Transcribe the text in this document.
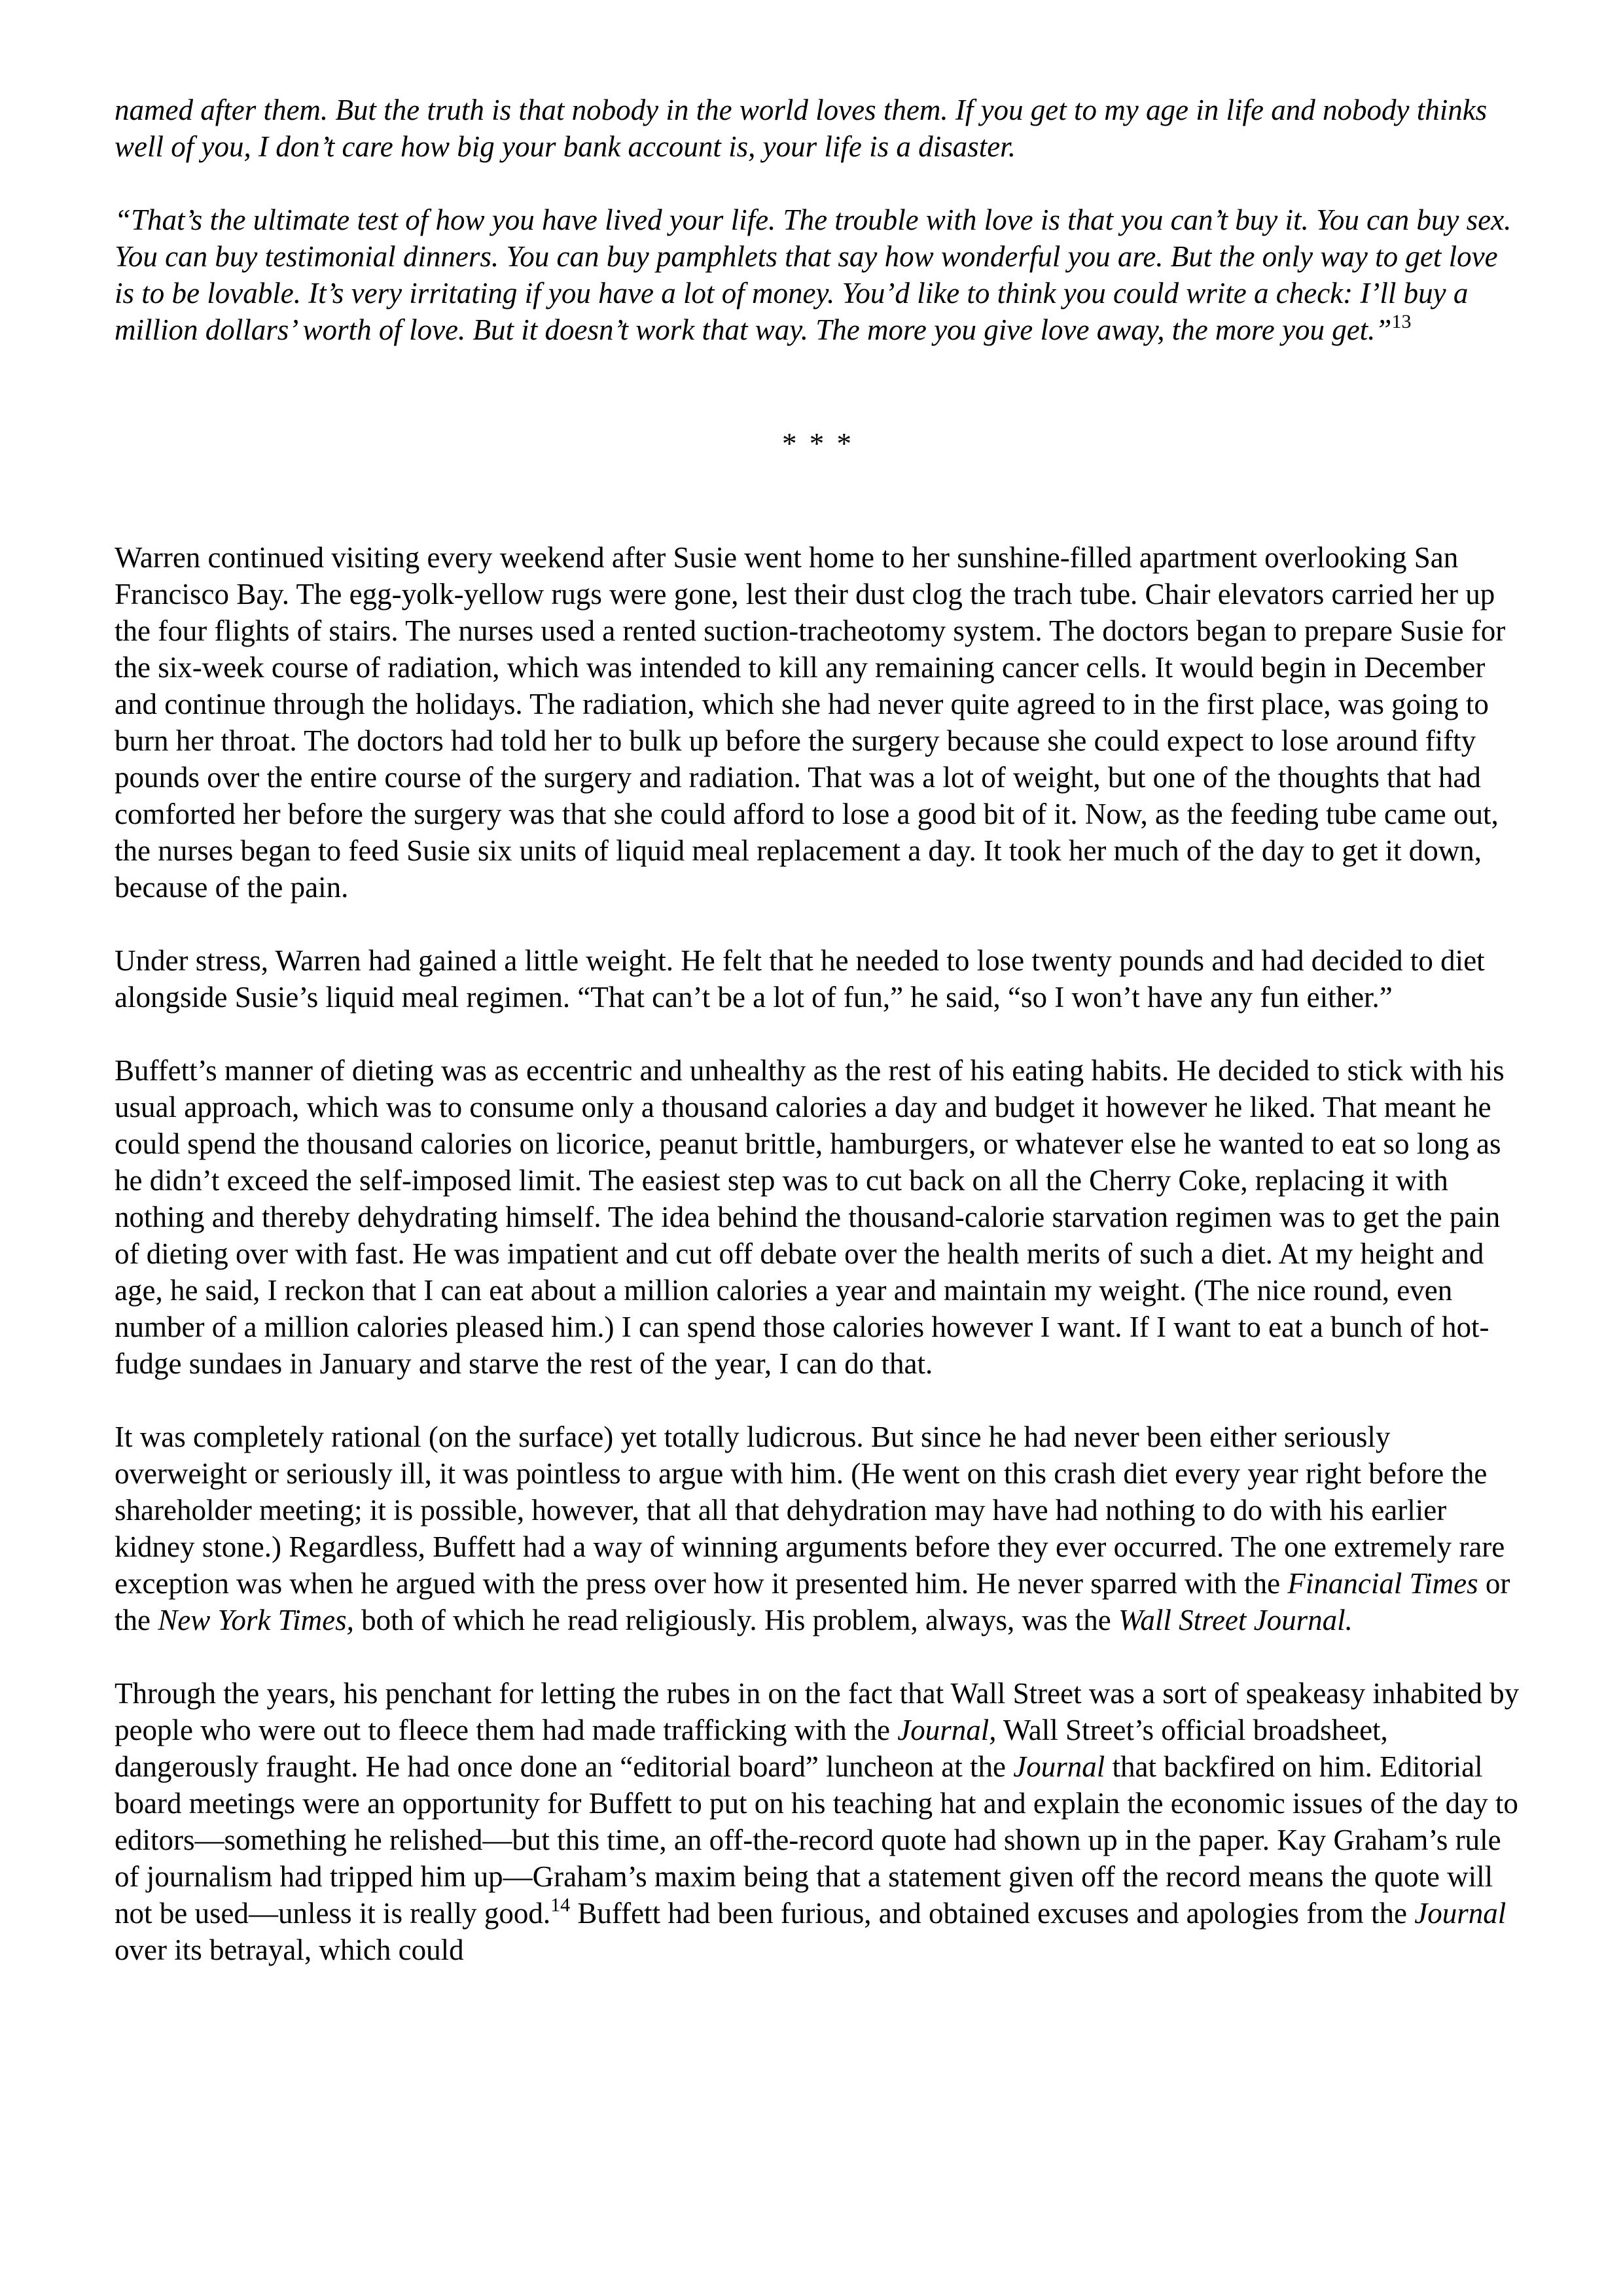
named after them. But the truth is that nobody in the world loves them. If you get to my age in life and nobody thinks well of you, I don’t care how big your bank account is, your life is a disaster.

“That’s the ultimate test of how you have lived your life. The trouble with love is that you can’t buy it. You can buy sex. You can buy testimonial dinners. You can buy pamphlets that say how wonderful you are. But the only way to get love is to be lovable. It’s very irritating if you have a lot of money. You’d like to think you could write a check: I’ll buy a million dollars’ worth of love. But it doesn’t work that way. The more you give love away, the more you get.”$^{13}$

* * *

Warren continued visiting every weekend after Susie went home to her sunshine-filled apartment overlooking San Francisco Bay. The egg-yolk-yellow rugs were gone, lest their dust clog the trach tube. Chair elevators carried her up the four flights of stairs. The nurses used a rented suction-tracheotomy system. The doctors began to prepare Susie for the six-week course of radiation, which was intended to kill any remaining cancer cells. It would begin in December and continue through the holidays. The radiation, which she had never quite agreed to in the first place, was going to burn her throat. The doctors had told her to bulk up before the surgery because she could expect to lose around fifty pounds over the entire course of the surgery and radiation. That was a lot of weight, but one of the thoughts that had comforted her before the surgery was that she could afford to lose a good bit of it. Now, as the feeding tube came out, the nurses began to feed Susie six units of liquid meal replacement a day. It took her much of the day to get it down, because of the pain.

Under stress, Warren had gained a little weight. He felt that he needed to lose twenty pounds and had decided to diet alongside Susie’s liquid meal regimen. “That can’t be a lot of fun,” he said, “so I won’t have any fun either.”

Buffett’s manner of dieting was as eccentric and unhealthy as the rest of his eating habits. He decided to stick with his usual approach, which was to consume only a thousand calories a day and budget it however he liked. That meant he could spend the thousand calories on licorice, peanut brittle, hamburgers, or whatever else he wanted to eat so long as he didn’t exceed the self-imposed limit. The easiest step was to cut back on all the Cherry Coke, replacing it with nothing and thereby dehydrating himself. The idea behind the thousand-calorie starvation regimen was to get the pain of dieting over with fast. He was impatient and cut off debate over the health merits of such a diet. At my height and age, he said, I reckon that I can eat about a million calories a year and maintain my weight. (The nice round, even number of a million calories pleased him.) I can spend those calories however I want. If I want to eat a bunch of hot-fudge sundaes in January and starve the rest of the year, I can do that.

It was completely rational (on the surface) yet totally ludicrous. But since he had never been either seriously overweight or seriously ill, it was pointless to argue with him. (He went on this crash diet every year right before the shareholder meeting; it is possible, however, that all that dehydration may have had nothing to do with his earlier kidney stone.) Regardless, Buffett had a way of winning arguments before they ever occurred. The one extremely rare exception was when he argued with the press over how it presented him. He never sparred with the Financial Times or the New York Times, both of which he read religiously. His problem, always, was the Wall Street Journal.

Through the years, his penchant for letting the rubes in on the fact that Wall Street was a sort of speakeasy inhabited by people who were out to fleece them had made trafficking with the Journal, Wall Street’s official broadsheet, dangerously fraught. He had once done an “editorial board” luncheon at the Journal that backfired on him. Editorial board meetings were an opportunity for Buffett to put on his teaching hat and explain the economic issues of the day to editors—something he relished—but this time, an off-the-record quote had shown up in the paper. Kay Graham’s rule of journalism had tripped him up—Graham’s maxim being that a statement given off the record means the quote will not be used—unless it is really good.$^{14}$ Buffett had been furious, and obtained excuses and apologies from the Journal over its betrayal, which could
